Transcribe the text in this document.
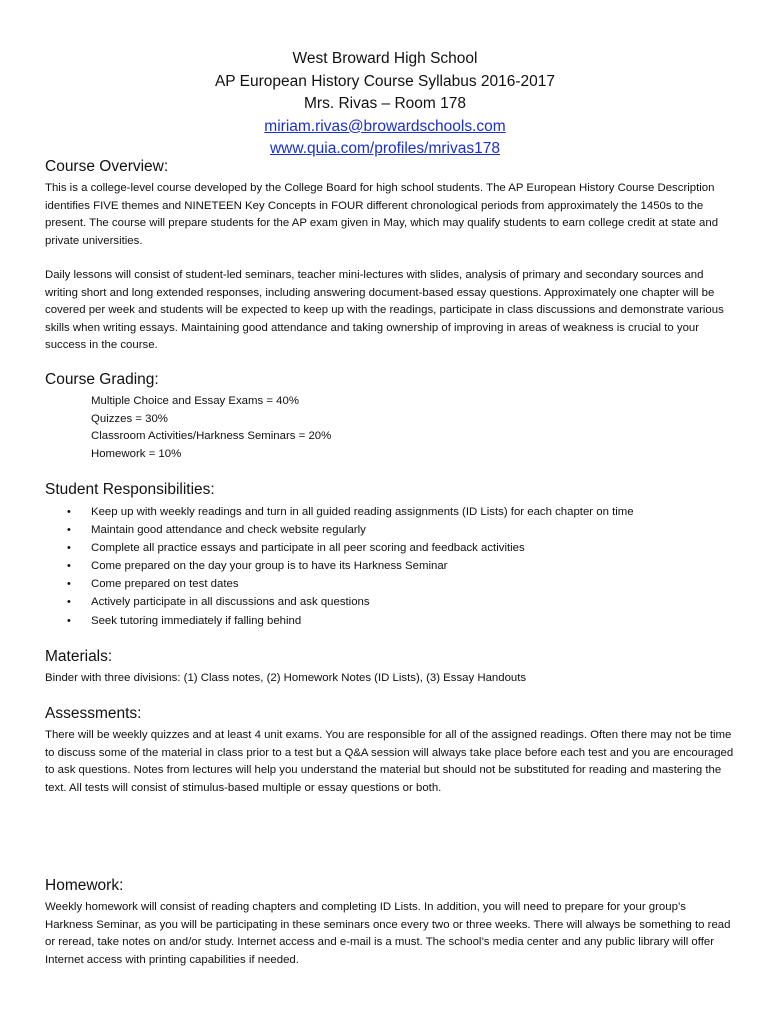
West Broward High School
AP European History Course Syllabus 2016-2017
Mrs. Rivas – Room 178
miriam.rivas@browardschools.com
www.quia.com/profiles/mrivas178
Course Overview:

This is a college-level course developed by the College Board for high school students. The AP European History Course Description identifies FIVE themes and NINETEEN Key Concepts in FOUR different chronological periods from approximately the 1450s to the present. The course will prepare students for the AP exam given in May, which may qualify students to earn college credit at state and private universities.

Daily lessons will consist of student-led seminars, teacher mini-lectures with slides, analysis of primary and secondary sources and writing short and long extended responses, including answering document-based essay questions. Approximately one chapter will be covered per week and students will be expected to keep up with the readings, participate in class discussions and demonstrate various skills when writing essays. Maintaining good attendance and taking ownership of improving in areas of weakness is crucial to your success in the course.

Course Grading:
Multiple Choice and Essay Exams = 40%
Quizzes = 30%
Classroom Activities/Harkness Seminars = 20%
Homework = 10%
Student Responsibilities:
• Keep up with weekly readings and turn in all guided reading assignments (ID Lists) for each chapter on time
• Maintain good attendance and check website regularly
• Complete all practice essays and participate in all peer scoring and feedback activities
• Come prepared on the day your group is to have its Harkness Seminar
• Come prepared on test dates
• Actively participate in all discussions and ask questions
• Seek tutoring immediately if falling behind
Materials:

Binder with three divisions: (1) Class notes, (2) Homework Notes (ID Lists), (3) Essay Handouts

Assessments:

There will be weekly quizzes and at least 4 unit exams. You are responsible for all of the assigned readings. Often there may not be time to discuss some of the material in class prior to a test but a Q&A session will always take place before each test and you are encouraged to ask questions. Notes from lectures will help you understand the material but should not be substituted for reading and mastering the text. All tests will consist of stimulus-based multiple or essay questions or both.

Homework:

Weekly homework will consist of reading chapters and completing ID Lists. In addition, you will need to prepare for your group’s Harkness Seminar, as you will be participating in these seminars once every two or three weeks. There will always be something to read or reread, take notes on and/or study. Internet access and e-mail is a must. The school’s media center and any public library will offer Internet access with printing capabilities if needed.
